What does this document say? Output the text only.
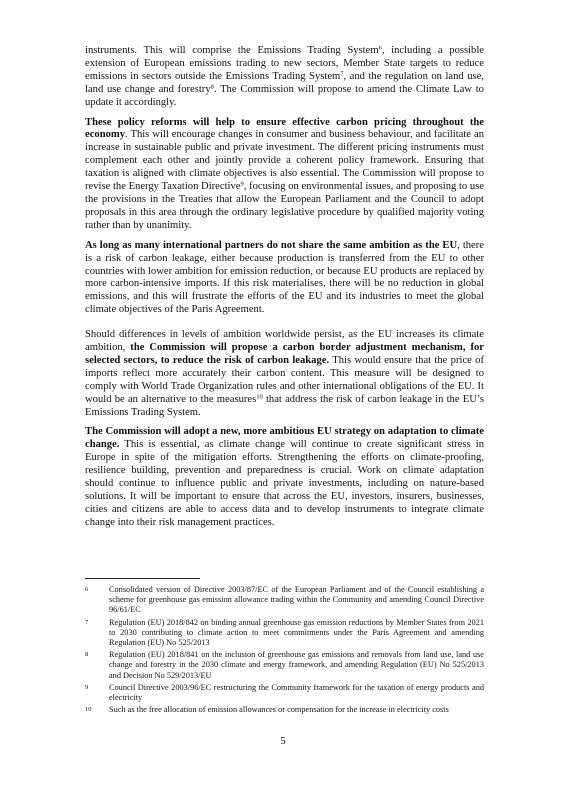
instruments. This will comprise the Emissions Trading System$^6$, including a possible extension of European emissions trading to new sectors, Member State targets to reduce emissions in sectors outside the Emissions Trading System$^7$, and the regulation on land use, land use change and forestry$^8$. The Commission will propose to amend the Climate Law to update it accordingly.

These policy reforms will help to ensure effective carbon pricing throughout the economy. This will encourage changes in consumer and business behaviour, and facilitate an increase in sustainable public and private investment. The different pricing instruments must complement each other and jointly provide a coherent policy framework. Ensuring that taxation is aligned with climate objectives is also essential. The Commission will propose to revise the Energy Taxation Directive$^9$, focusing on environmental issues, and proposing to use the provisions in the Treaties that allow the European Parliament and the Council to adopt proposals in this area through the ordinary legislative procedure by qualified majority voting rather than by unanimity.

As long as many international partners do not share the same ambition as the EU, there is a risk of carbon leakage, either because production is transferred from the EU to other countries with lower ambition for emission reduction, or because EU products are replaced by more carbon-intensive imports. If this risk materialises, there will be no reduction in global emissions, and this will frustrate the efforts of the EU and its industries to meet the global climate objectives of the Paris Agreement.

Should differences in levels of ambition worldwide persist, as the EU increases its climate ambition, the Commission will propose a carbon border adjustment mechanism, for selected sectors, to reduce the risk of carbon leakage. This would ensure that the price of imports reflect more accurately their carbon content. This measure will be designed to comply with World Trade Organization rules and other international obligations of the EU. It would be an alternative to the measures$^{10}$ that address the risk of carbon leakage in the EU’s Emissions Trading System.

The Commission will adopt a new, more ambitious EU strategy on adaptation to climate change. This is essential, as climate change will continue to create significant stress in Europe in spite of the mitigation efforts. Strengthening the efforts on climate-proofing, resilience building, prevention and preparedness is crucial. Work on climate adaptation should continue to influence public and private investments, including on nature-based solutions. It will be important to ensure that across the EU, investors, insurers, businesses, cities and citizens are able to access data and to develop instruments to integrate climate change into their risk management practices.

6	Consolidated version of Directive 2003/87/EC of the European Parliament and of the Council establishing a scheme for greenhouse gas emission allowance trading within the Community and amending Council Directive 96/61/EC
7	Regulation (EU) 2018/842 on binding annual greenhouse gas emission reductions by Member States from 2021 to 2030 contributing to climate action to meet commitments under the Paris Agreement and amending Regulation (EU) No 525/2013
8	Regulation (EU) 2018/841 on the inclusion of greenhouse gas emissions and removals from land use, land use change and forestry in the 2030 climate and energy framework, and amending Regulation (EU) No 525/2013 and Decision No 529/2013/EU
9	Council Directive 2003/96/EC restructuring the Community framework for the taxation of energy products and electricity
10	Such as the free allocation of emission allowances or compensation for the increase in electricity costs
5
